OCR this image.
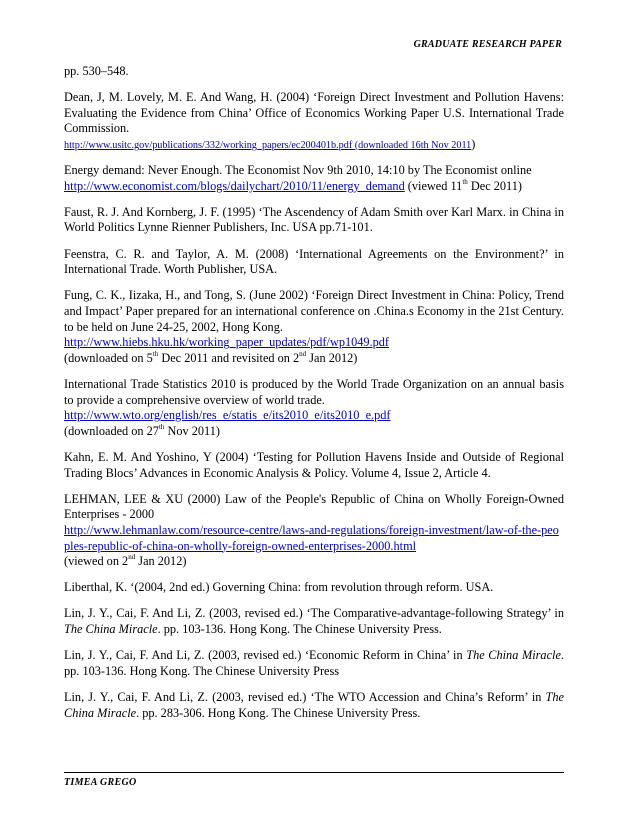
GRADUATE RESEARCH PAPER

pp. 530–548.

Dean, J, M. Lovely, M. E. And Wang, H. (2004) ‘Foreign Direct Investment and Pollution Havens: Evaluating the Evidence from China’ Office of Economics Working Paper U.S. International Trade Commission.
http://www.usitc.gov/publications/332/working_papers/ec200401b.pdf (downloaded 16th Nov 2011)

Energy demand: Never Enough. The Economist Nov 9th 2010, 14:10 by The Economist online
http://www.economist.com/blogs/dailychart/2010/11/energy_demand (viewed 11th Dec 2011)

Faust, R. J. And Kornberg, J. F. (1995) ‘The Ascendency of Adam Smith over Karl Marx. in China in World Politics Lynne Rienner Publishers, Inc. USA pp.71-101.

Feenstra, C. R. and Taylor, A. M. (2008) ‘International Agreements on the Environment?’ in International Trade. Worth Publisher, USA.

Fung, C. K., Iizaka, H., and Tong, S. (June 2002) ‘Foreign Direct Investment in China: Policy, Trend and Impact’ Paper prepared for an international conference on .China.s Economy in the 21st Century. to be held on June 24-25, 2002, Hong Kong.
http://www.hiebs.hku.hk/working_paper_updates/pdf/wp1049.pdf
(downloaded on 5th Dec 2011 and revisited on 2nd Jan 2012)

International Trade Statistics 2010 is produced by the World Trade Organization on an annual basis to provide a comprehensive overview of world trade.
http://www.wto.org/english/res_e/statis_e/its2010_e/its2010_e.pdf
(downloaded on 27th Nov 2011)

Kahn, E. M. And Yoshino, Y (2004) ‘Testing for Pollution Havens Inside and Outside of Regional Trading Blocs’ Advances in Economic Analysis & Policy. Volume 4, Issue 2, Article 4.

LEHMAN, LEE & XU (2000) Law of the People's Republic of China on Wholly Foreign-Owned Enterprises - 2000
http://www.lehmanlaw.com/resource-centre/laws-and-regulations/foreign-investment/law-of-the-peoples-republic-of-china-on-wholly-foreign-owned-enterprises-2000.html
(viewed on 2nd Jan 2012)

Liberthal, K. ‘(2004, 2nd ed.) Governing China: from revolution through reform. USA.

Lin, J. Y., Cai, F. And Li, Z. (2003, revised ed.) ‘The Comparative-advantage-following Strategy’ in The China Miracle. pp. 103-136. Hong Kong. The Chinese University Press.

Lin, J. Y., Cai, F. And Li, Z. (2003, revised ed.) ‘Economic Reform in China’ in The China Miracle. pp. 103-136. Hong Kong. The Chinese University Press

Lin, J. Y., Cai, F. And Li, Z. (2003, revised ed.) ‘The WTO Accession and China’s Reform’ in The China Miracle. pp. 283-306. Hong Kong. The Chinese University Press.

TIMEA GREGO
